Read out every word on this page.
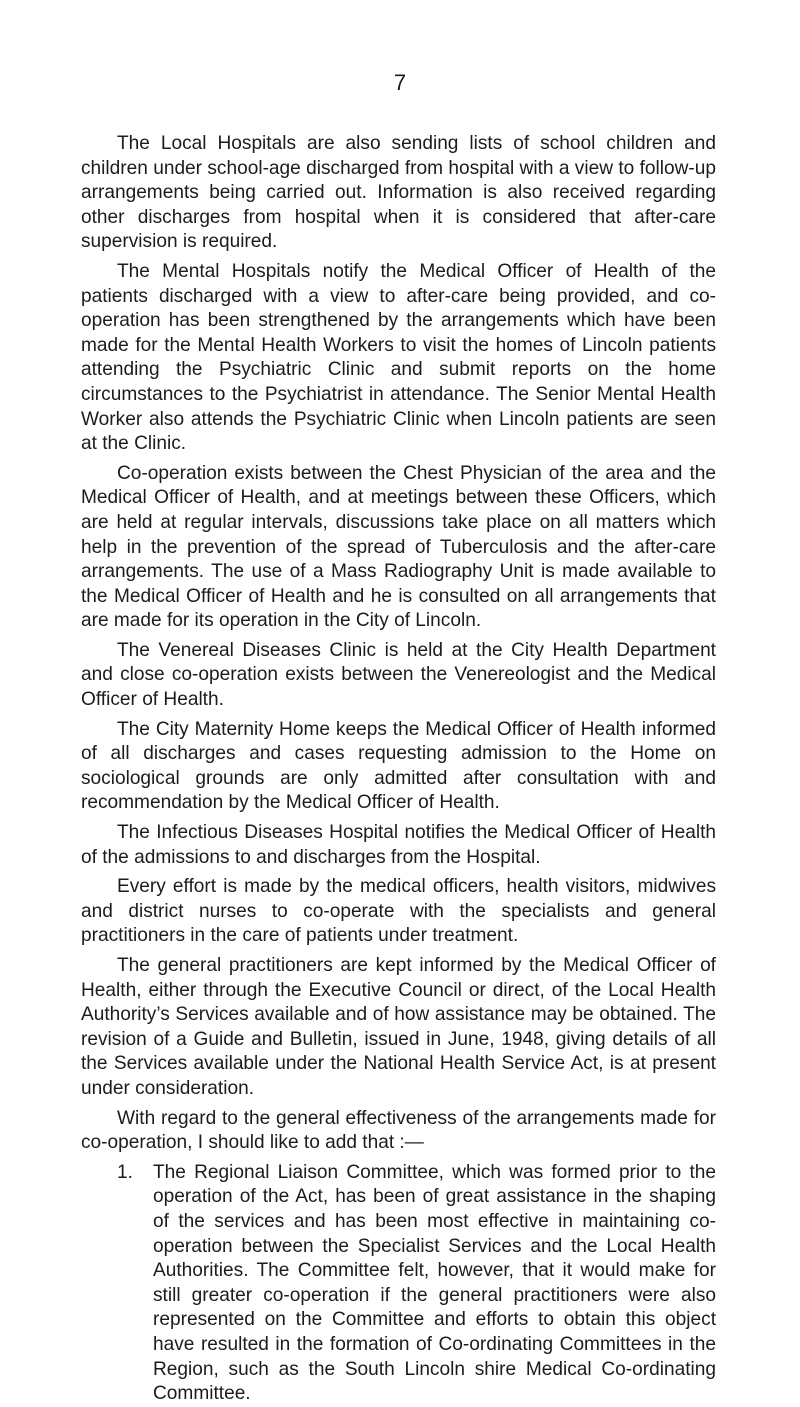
7

The Local Hospitals are also sending lists of school children and children under school-age discharged from hospital with a view to follow-up arrangements being carried out. Information is also received regarding other discharges from hospital when it is considered that after-care supervision is required.

The Mental Hospitals notify the Medical Officer of Health of the patients discharged with a view to after-care being provided, and co-operation has been strengthened by the arrangements which have been made for the Mental Health Workers to visit the homes of Lincoln patients attending the Psychiatric Clinic and submit reports on the home circumstances to the Psychiatrist in attendance. The Senior Mental Health Worker also attends the Psychiatric Clinic when Lincoln patients are seen at the Clinic.

Co-operation exists between the Chest Physician of the area and the Medical Officer of Health, and at meetings between these Officers, which are held at regular intervals, discussions take place on all matters which help in the prevention of the spread of Tuberculosis and the after-care arrangements. The use of a Mass Radiography Unit is made available to the Medical Officer of Health and he is consulted on all arrangements that are made for its operation in the City of Lincoln.

The Venereal Diseases Clinic is held at the City Health Department and close co-operation exists between the Venereologist and the Medical Officer of Health.

The City Maternity Home keeps the Medical Officer of Health informed of all discharges and cases requesting admission to the Home on sociological grounds are only admitted after consultation with and recommendation by the Medical Officer of Health.

The Infectious Diseases Hospital notifies the Medical Officer of Health of the admissions to and discharges from the Hospital.

Every effort is made by the medical officers, health visitors, midwives and district nurses to co-operate with the specialists and general practitioners in the care of patients under treatment.

The general practitioners are kept informed by the Medical Officer of Health, either through the Executive Council or direct, of the Local Health Authority’s Services available and of how assistance may be obtained. The revision of a Guide and Bulletin, issued in June, 1948, giving details of all the Services available under the National Health Service Act, is at present under consideration.

With regard to the general effectiveness of the arrangements made for co-operation, I should like to add that :—

1.	The Regional Liaison Committee, which was formed prior to the operation of the Act, has been of great assistance in the shaping of the services and has been most effective in maintaining co-operation between the Specialist Services and the Local Health Authorities. The Committee felt, however, that it would make for still greater co-operation if the general practitioners were also represented on the Committee and efforts to obtain this object have resulted in the formation of Co-ordinating Committees in the Region, such as the South Lincoln shire Medical Co-ordinating Committee.
